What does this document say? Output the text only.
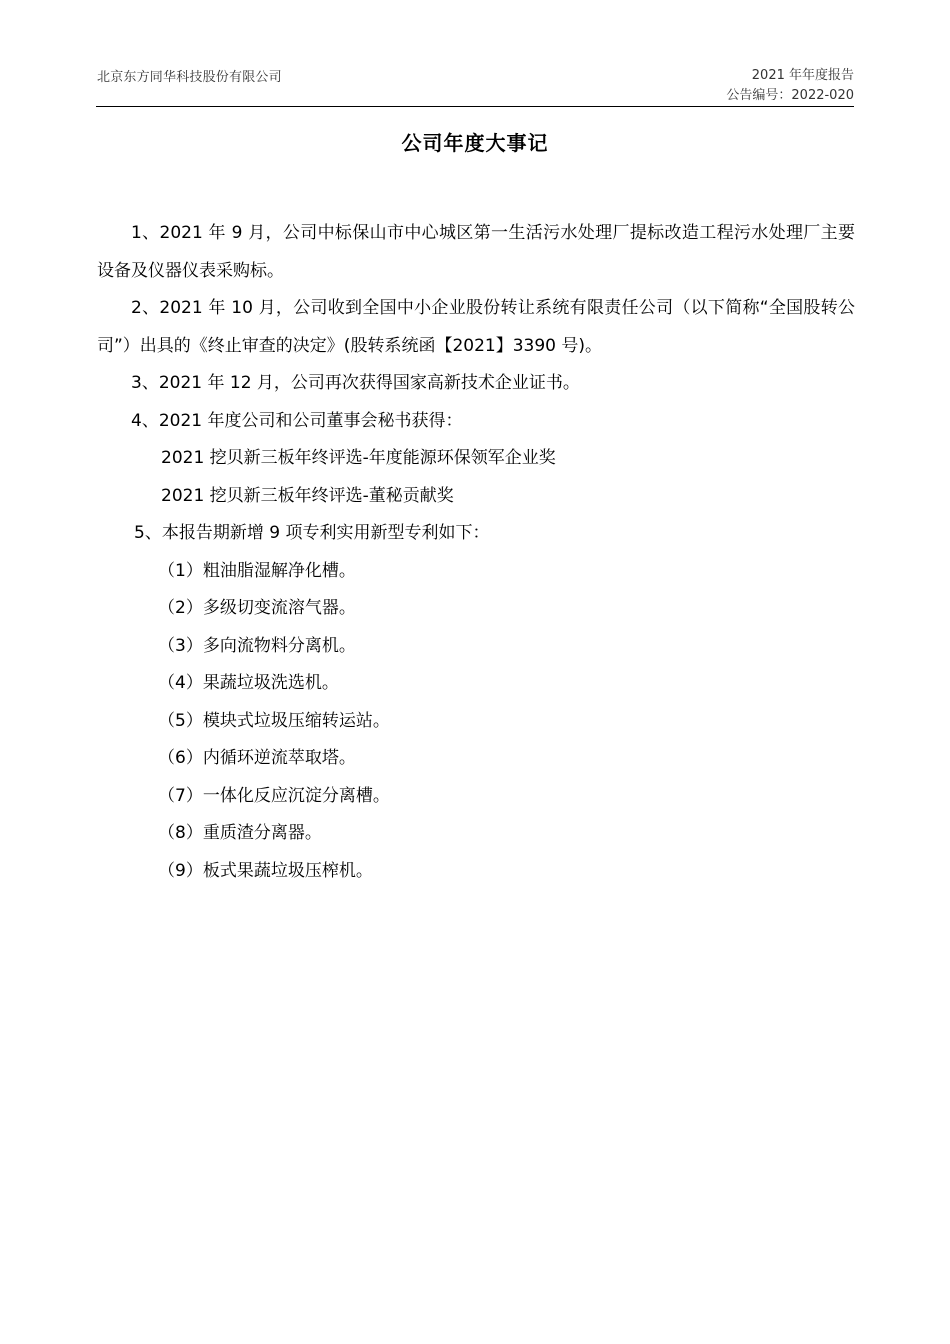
北京东方同华科技股份有限公司	2021 年年度报告
公告编号：2022-020
公司年度大事记

1、2021 年 9 月，公司中标保山市中心城区第一生活污水处理厂提标改造工程污水处理厂主要设备及仪器仪表采购标。

2、2021 年 10 月，公司收到全国中小企业股份转让系统有限责任公司（以下简称“全国股转公司”）出具的《终止审查的决定》(股转系统函【2021】3390 号)。

3、2021 年 12 月，公司再次获得国家高新技术企业证书。

4、2021 年度公司和公司董事会秘书获得：

2021 挖贝新三板年终评选-年度能源环保领军企业奖

2021 挖贝新三板年终评选-董秘贡献奖

5、本报告期新增 9 项专利实用新型专利如下：

（1）粗油脂湿解净化槽。

（2）多级切变流溶气器。

（3）多向流物料分离机。

（4）果蔬垃圾洗选机。

（5）模块式垃圾压缩转运站。

（6）内循环逆流萃取塔。

（7）一体化反应沉淀分离槽。

（8）重质渣分离器。

（9）板式果蔬垃圾压榨机。
